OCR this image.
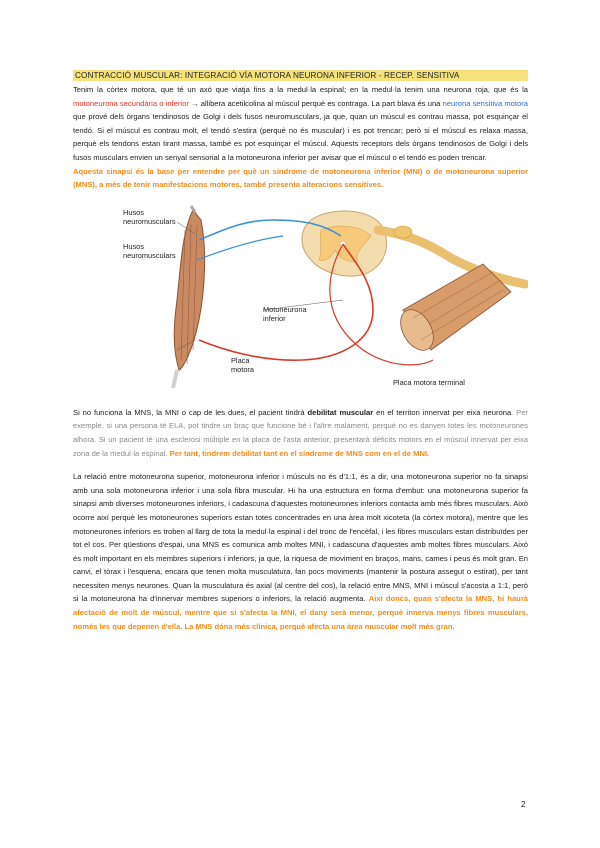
CONTRACCIÓ MUSCULAR: INTEGRACIÓ VÍA MOTORA NEURONA INFERIOR - RECEP. SENSITIVA

Tenim la còrtex motora, que té un axó que viatja fins a la medul·la espinal; en la medul·la tenim una neurona roja, que és la motoneurona secundària o inferior → allibera acetilcolina al múscul perquè es contraga. La part blava és una neurona sensitiva motora que prové dels òrgans tendinosos de Golgi i dels fusos neuromusculars, ja que, quan un múscul es contrau massa, pot esquinçar el tendó. Si el múscul es contrau molt, el tendó s'estira (perquè no és muscular) i es pot trencar; però si el múscul es relaxa massa, perquè els tendons estan tirant massa, també es pot esquinçar el múscul. Aquests receptors dels òrgans tendinosos de Golgi i dels fusos musculars envien un senyal sensorial a la motoneurona inferior per avisar que el múscul o el tendó es poden trencar.

Aquesta sinapsi és la base per entendre per què un síndrome de motoneurona inferior (MNI) o de motoneurona superior (MNS), a més de tenir manifestacions motores, també presenta alteracions sensitives.

Husos neuromusculars
Husos neuromusculars
Motoneurona inferior
Placa motora
Placa motora terminal

Si no funciona la MNS, la MNI o cap de les dues, el pacient tindrà debilitat muscular en el territori innervat per eixa neurona. Per exemple, si una persona té ELA, pot tindre un braç que funcione bé i l'altre malament, perquè no es danyen totes les motoneurones alhora. Si un pacient té una esclerosi múltiple en la placa de l'asta anterior, presentarà dèficits motors en el múscul innervat per eixa zona de la medul·la espinal. Per tant, tindrem debilitat tant en el síndrome de MNS com en el de MNI.

La relació entre motoneurona superior, motoneurona inferior i músculs no és d'1:1, és a dir, una motoneurona superior no fa sinapsi amb una sola motoneurona inferior i una sola fibra muscular. Hi ha una estructura en forma d'embut: una motoneurona superior fa sinapsi amb diverses motoneurones inferiors, i cadascuna d'aquestes motoneurones inferiors contacta amb més fibres musculars. Això ocorre així perquè les motoneurones superiors estan totes concentrades en una àrea molt xicoteta (la còrtex motora), mentre que les motoneurones inferiors es troben al llarg de tota la medul·la espinal i del tronc de l'encèfal, i les fibres musculars estan distribuïdes per tot el cos. Per qüestions d'espai, una MNS es comunica amb moltes MNI, i cadascuna d'aquestes amb moltes fibres musculars. Això és molt important en els membres superiors i inferiors, ja que, la riquesa de moviment en braços, mans, cames i peus és molt gran. En canvi, el tòrax i l'esquena, encara que tenen molta musculatura, fan pocs moviments (mantenir la postura assegut o estirat), per tant necessiten menys neurones. Quan la musculatura és axial (al centre del cos), la relació entre MNS, MNI i múscul s'acosta a 1:1, però si la motoneurona ha d'innervar membres superiors o inferiors, la relació augmenta. Així doncs, quan s'afecta la MNS, hi haurà afectació de molt de múscul, mentre que si s'afecta la MNI, el dany serà menor, perquè innerva menys fibres musculars, només les que depenen d'ella. La MNS dóna més clínica, perquè afecta una àrea muscular molt més gran.

2
